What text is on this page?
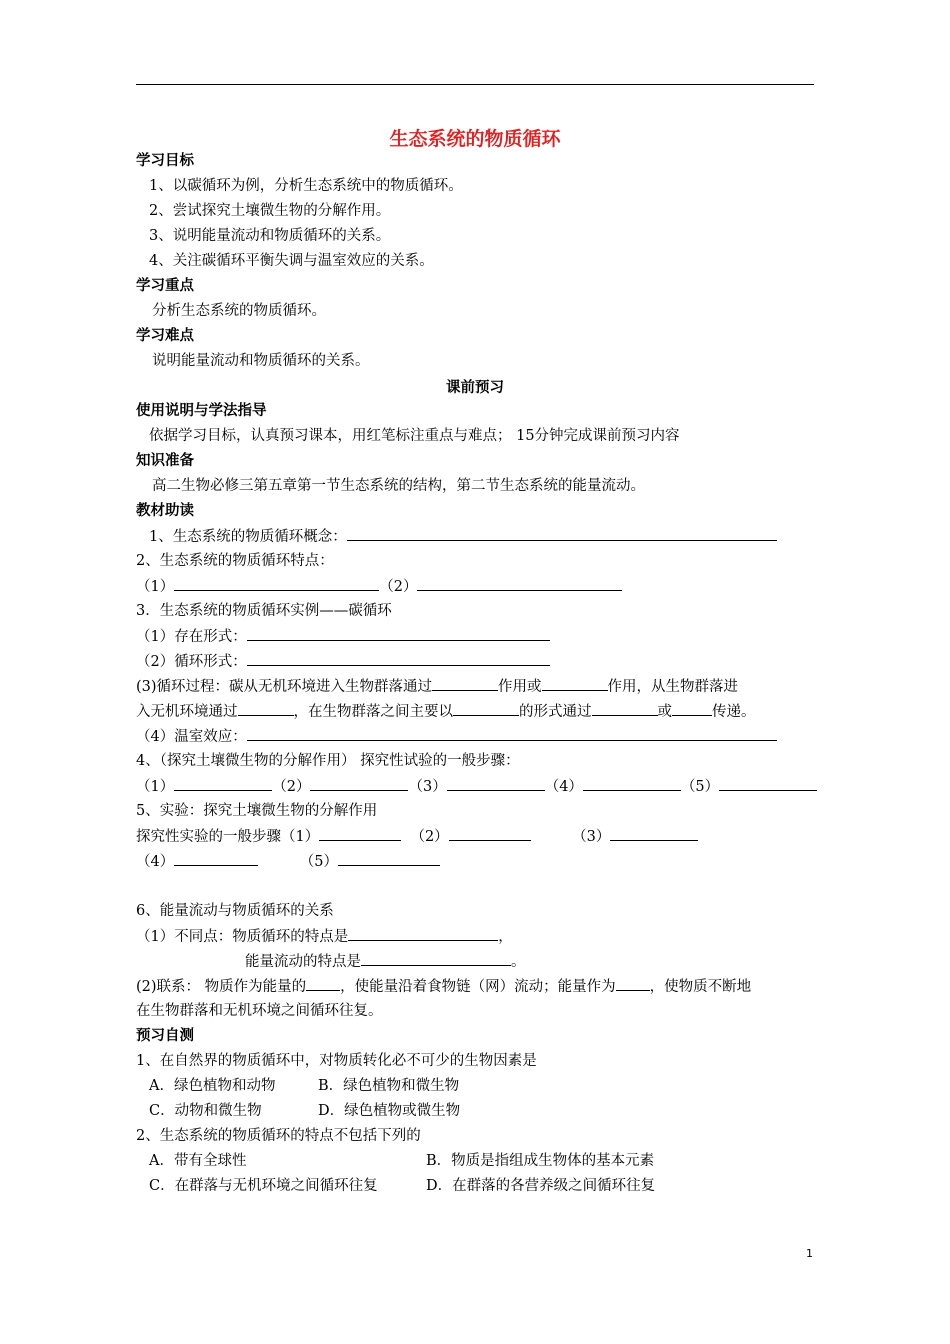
生态系统的物质循环
学习目标
1、以碳循环为例，分析生态系统中的物质循环。
2、尝试探究土壤微生物的分解作用。
3、说明能量流动和物质循环的关系。
4、关注碳循环平衡失调与温室效应的关系。
学习重点
分析生态系统的物质循环。
学习难点
说明能量流动和物质循环的关系。
课前预习
使用说明与学法指导
依据学习目标，认真预习课本，用红笔标注重点与难点； 15分钟完成课前预习内容
知识准备
高二生物必修三第五章第一节生态系统的结构，第二节生态系统的能量流动。
教材助读
1、生态系统的物质循环概念：
2、生态系统的物质循环特点：
（1）	（2）
3．生态系统的物质循环实例——碳循环
（1）存在形式：
（2）循环形式：
(3)循环过程：碳从无机环境进入生物群落通过	作用或	作用，从生物群落进
入无机环境通过	，在生物群落之间主要以	的形式通过	或	传递。
（4）温室效应：
4、（探究土壤微生物的分解作用） 探究性试验的一般步骤：
（1）	（2）	（3）	（4）	（5）
5、实验：探究土壤微生物的分解作用
探究性实验的一般步骤（1）	（2）	（3）
（4）	（5）
6、能量流动与物质循环的关系
（1）不同点：物质循环的特点是	，
能量流动的特点是	。
(2)联系： 物质作为能量的 ，使能量沿着食物链（网）流动；能量作为 ，使物质不断地
在生物群落和无机环境之间循环往复。
预习自测
1、在自然界的物质循环中，对物质转化必不可少的生物因素是
A．绿色植物和动物	B．绿色植物和微生物
C．动物和微生物	D．绿色植物或微生物
2、生态系统的物质循环的特点不包括下列的
A．带有全球性	B．物质是指组成生物体的基本元素
C．在群落与无机环境之间循环往复	D．在群落的各营养级之间循环往复
1
